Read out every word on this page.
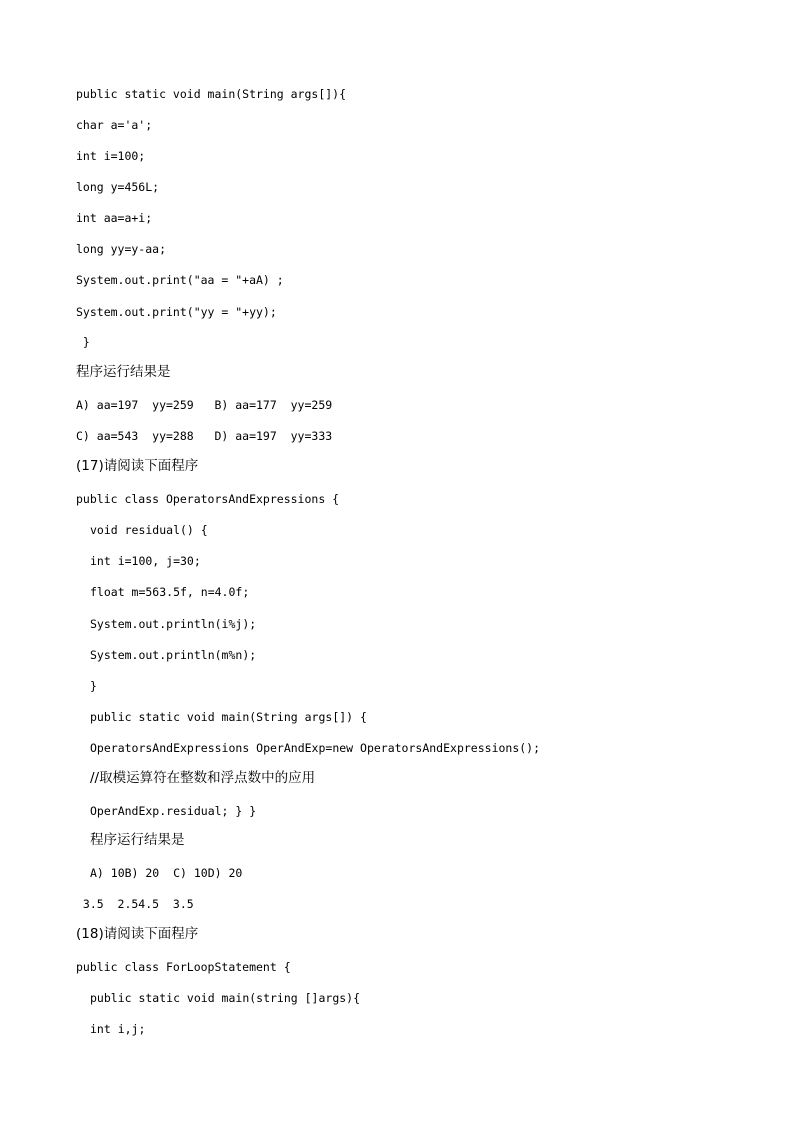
public static void main(String args[]){
char a='a';
int i=100;
long y=456L;
int aa=a+i;
long yy=y-aa;
System.out.print("aa = "+aA) ;
System.out.print("yy = "+yy);
}
程序运行结果是
A) aa=197  yy=259   B) aa=177  yy=259
C) aa=543  yy=288   D) aa=197  yy=333
(17)请阅读下面程序
public class OperatorsAndExpressions {
void residual() {
int i=100, j=30;
float m=563.5f, n=4.0f;
System.out.println(i%j);
System.out.println(m%n);
}
public static void main(String args[]) {
OperatorsAndExpressions OperAndExp=new OperatorsAndExpressions();
//取模运算符在整数和浮点数中的应用
OperAndExp.residual; } }
程序运行结果是
A) 10B) 20  C) 10D) 20
3.5  2.54.5  3.5
(18)请阅读下面程序
public class ForLoopStatement {
public static void main(string []args){
int i,j;
